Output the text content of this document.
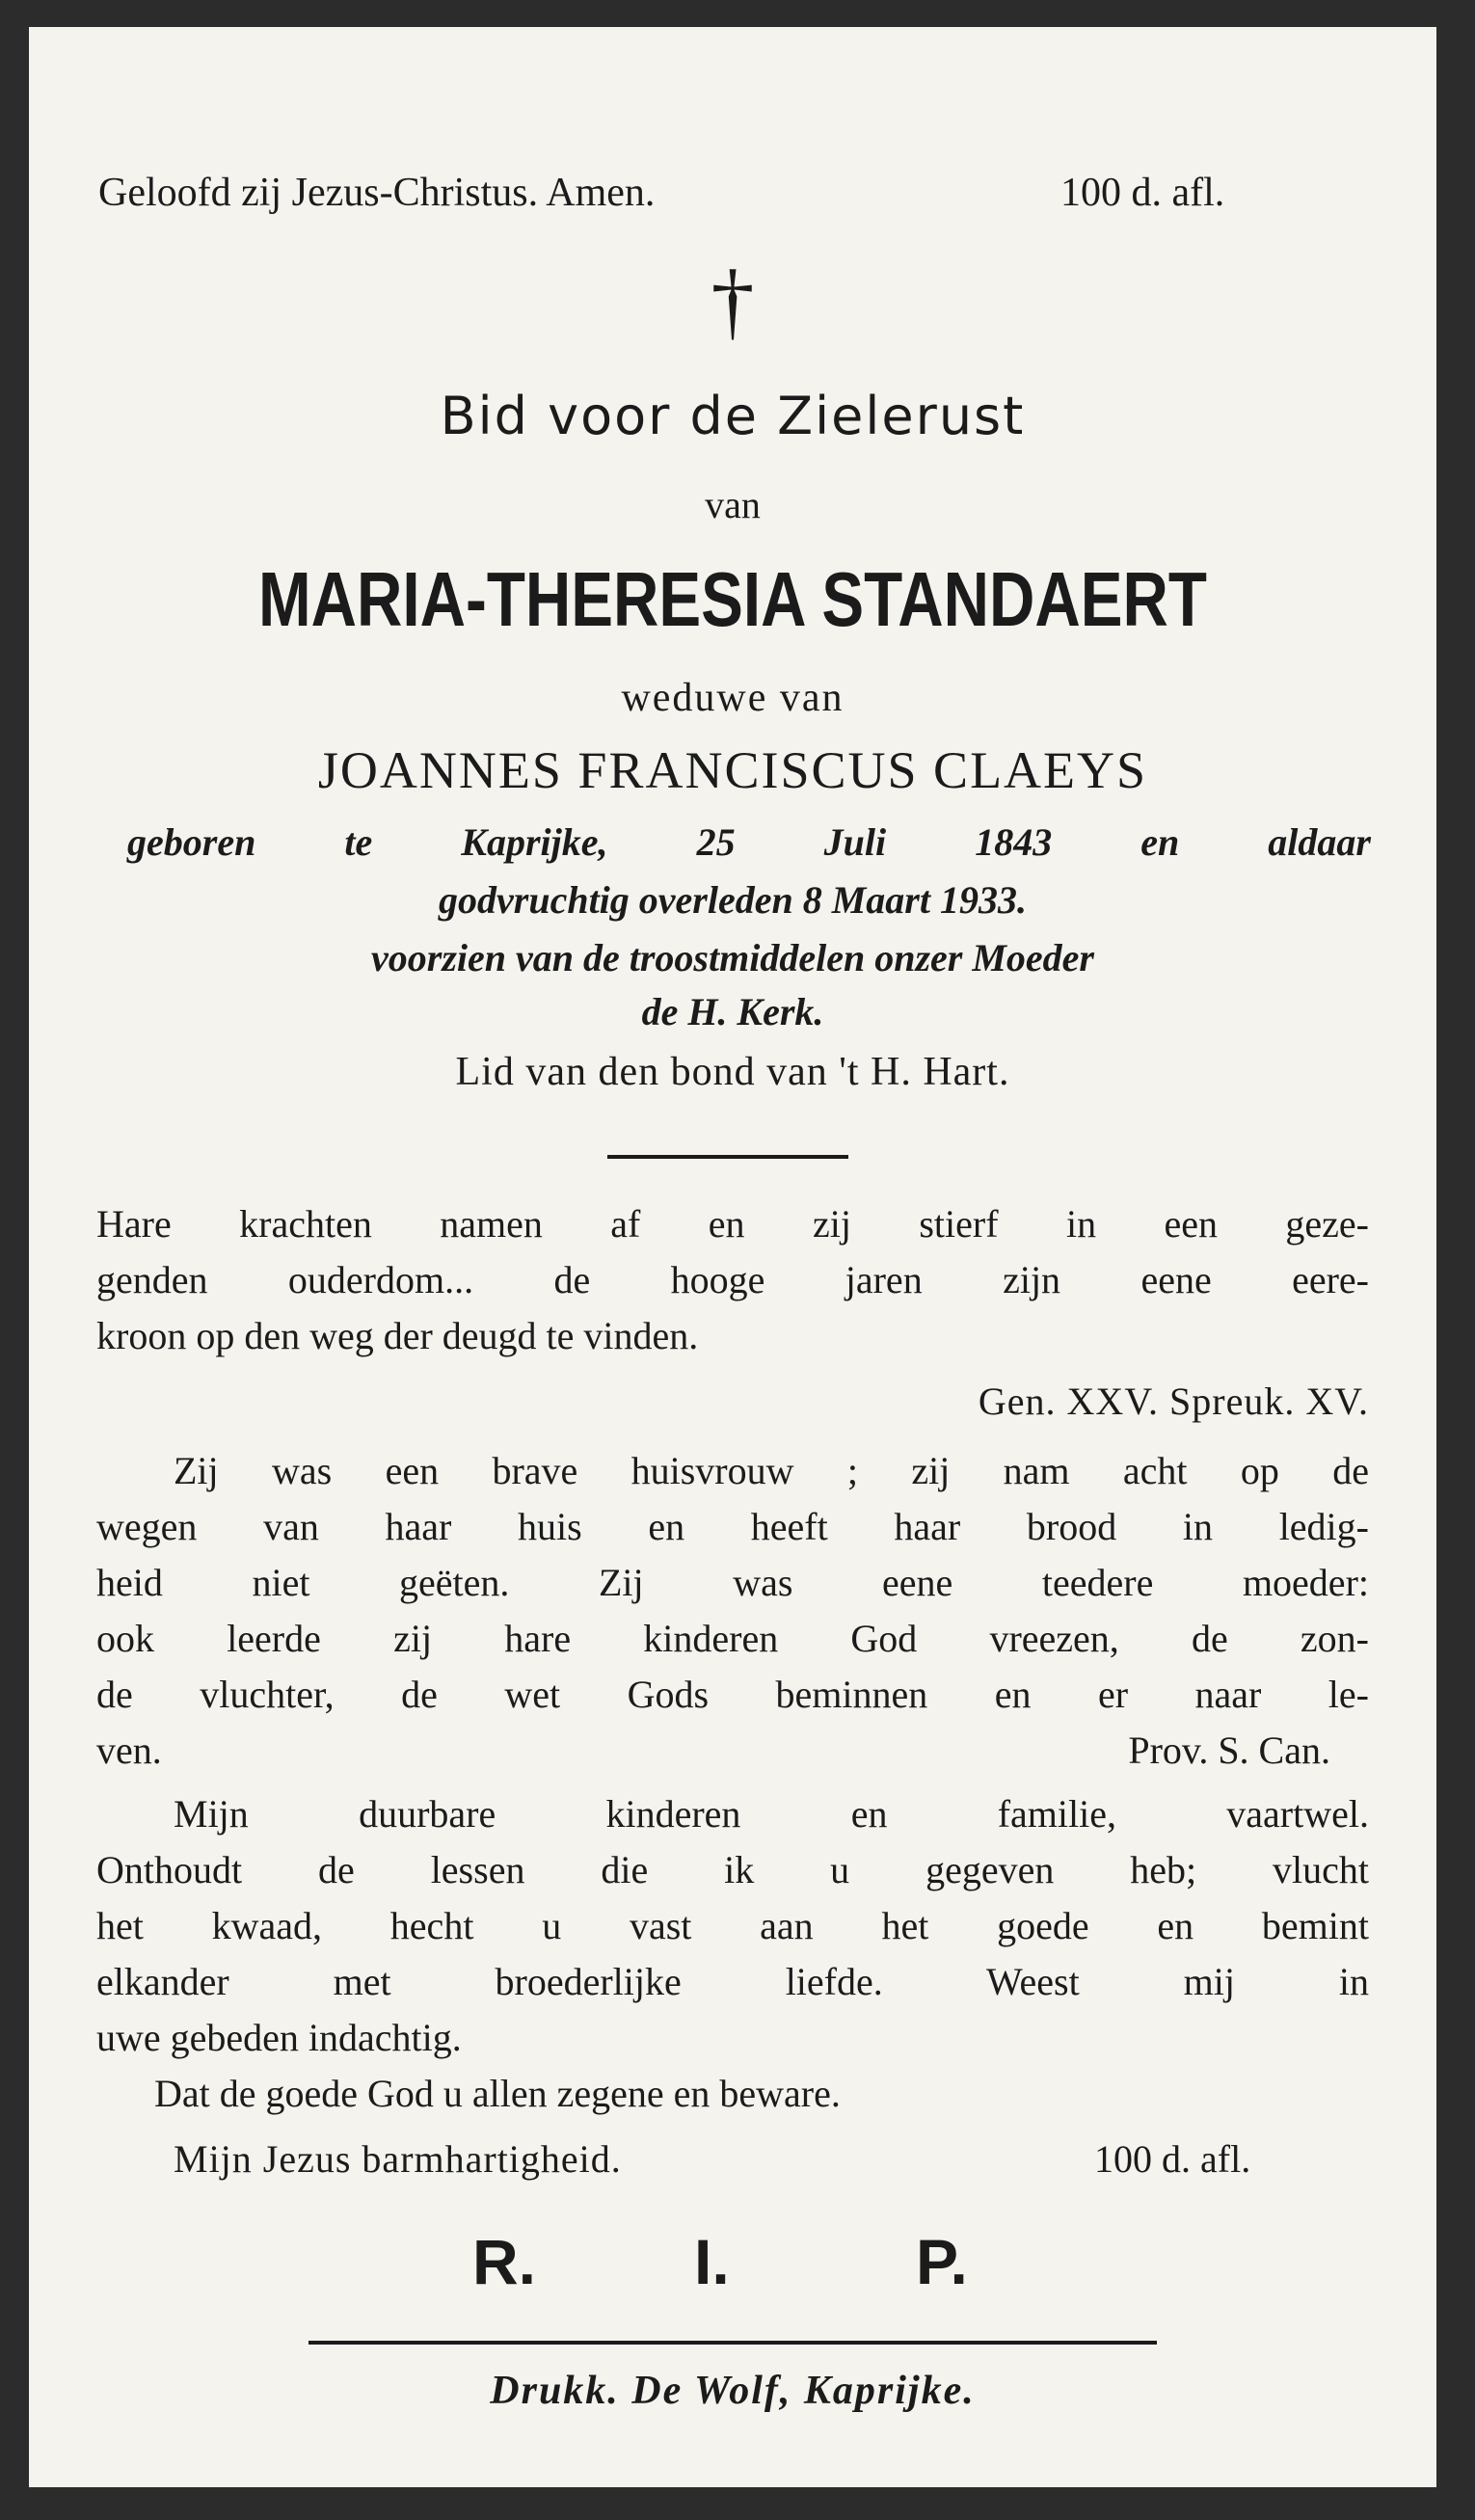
Geloofd zij Jezus-Christus. Amen.	100 d. afl.
†
Bid voor de Zielerust
van
MARIA-THERESIA STANDAERT
weduwe van
JOANNES FRANCISCUS CLAEYS
geboren te Kaprijke, 25 Juli 1843 en aldaar
godvruchtig overleden 8 Maart 1933.
voorzien van de troostmiddelen onzer Moeder
de H. Kerk.
Lid van den bond van 't H. Hart.
Hare krachten namen af en zij stierf in een geze-
genden ouderdom... de hooge jaren zijn eene eere-
kroon op den weg der deugd te vinden.
Gen. XXV. Spreuk. XV.
Zij was een brave huisvrouw ; zij nam acht op de
wegen van haar huis en heeft haar brood in ledig-
heid niet geëten. Zij was eene teedere moeder:
ook leerde zij hare kinderen God vreezen, de zon-
de vluchter, de wet Gods beminnen en er naar le-
ven.	Prov. S. Can.
Mijn duurbare kinderen en familie, vaartwel.
Onthoudt de lessen die ik u gegeven heb; vlucht
het kwaad, hecht u vast aan het goede en bemint
elkander met broederlijke liefde. Weest mij in
uwe gebeden indachtig.
Dat de goede God u allen zegene en beware.
Mijn Jezus barmhartigheid.	100 d. afl.
R. I.	P.
Drukk. De Wolf, Kaprijke.
